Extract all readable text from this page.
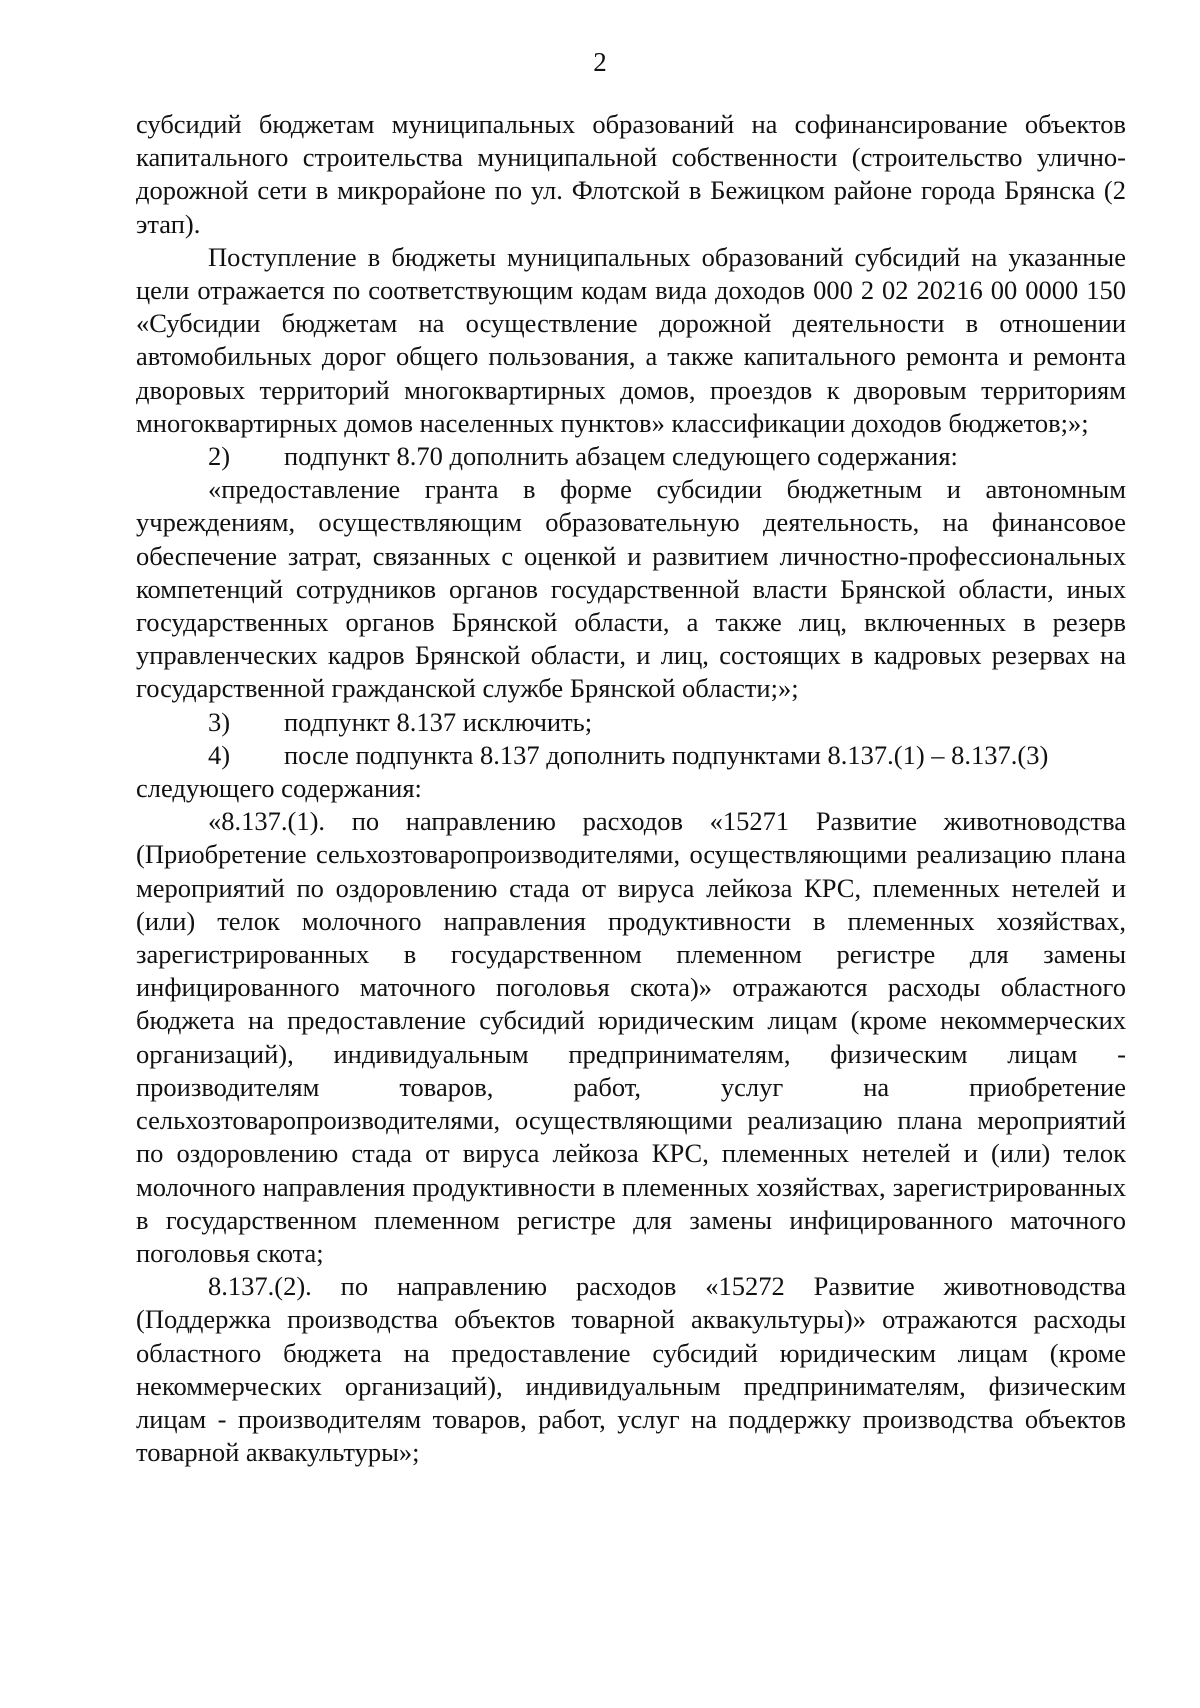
2

субсидий бюджетам муниципальных образований на софинансирование объектов капитального строительства муниципальной собственности (строительство улично-дорожной сети в микрорайоне по ул. Флотской в Бежицком районе города Брянска (2 этап).

Поступление в бюджеты муниципальных образований субсидий на указанные цели отражается по соответствующим кодам вида доходов 000 2 02 20216 00 0000 150 «Субсидии бюджетам на осуществление дорожной деятельности в отношении автомобильных дорог общего пользования, а также капитального ремонта и ремонта дворовых территорий многоквартирных домов, проездов к дворовым территориям многоквартирных домов населенных пунктов» классификации доходов бюджетов;»;

2) подпункт 8.70 дополнить абзацем следующего содержания:

«предоставление гранта в форме субсидии бюджетным и автономным учреждениям, осуществляющим образовательную деятельность, на финансовое обеспечение затрат, связанных с оценкой и развитием личностно-профессиональных компетенций сотрудников органов государственной власти Брянской области, иных государственных органов Брянской области, а также лиц, включенных в резерв управленческих кадров Брянской области, и лиц, состоящих в кадровых резервах на государственной гражданской службе Брянской области;»;

3) подпункт 8.137 исключить;

4) после подпункта 8.137 дополнить подпунктами 8.137.(1) – 8.137.(3)

следующего содержания:

«8.137.(1). по направлению расходов «15271 Развитие животноводства (Приобретение сельхозтоваропроизводителями, осуществляющими реализацию плана мероприятий по оздоровлению стада от вируса лейкоза КРС, племенных нетелей и (или) телок молочного направления продуктивности в племенных хозяйствах, зарегистрированных в государственном племенном регистре для замены инфицированного маточного поголовья скота)» отражаются расходы областного бюджета на предоставление субсидий юридическим лицам (кроме некоммерческих организаций), индивидуальным предпринимателям, физическим лицам - производителям товаров, работ, услуг на приобретение сельхозтоваропроизводителями, осуществляющими реализацию плана мероприятий по оздоровлению стада от вируса лейкоза КРС, племенных нетелей и (или) телок молочного направления продуктивности в племенных хозяйствах, зарегистрированных в государственном племенном регистре для замены инфицированного маточного поголовья скота;

8.137.(2). по направлению расходов «15272 Развитие животноводства (Поддержка производства объектов товарной аквакультуры)» отражаются расходы областного бюджета на предоставление субсидий юридическим лицам (кроме некоммерческих организаций), индивидуальным предпринимателям, физическим лицам - производителям товаров, работ, услуг на поддержку производства объектов товарной аквакультуры»;
